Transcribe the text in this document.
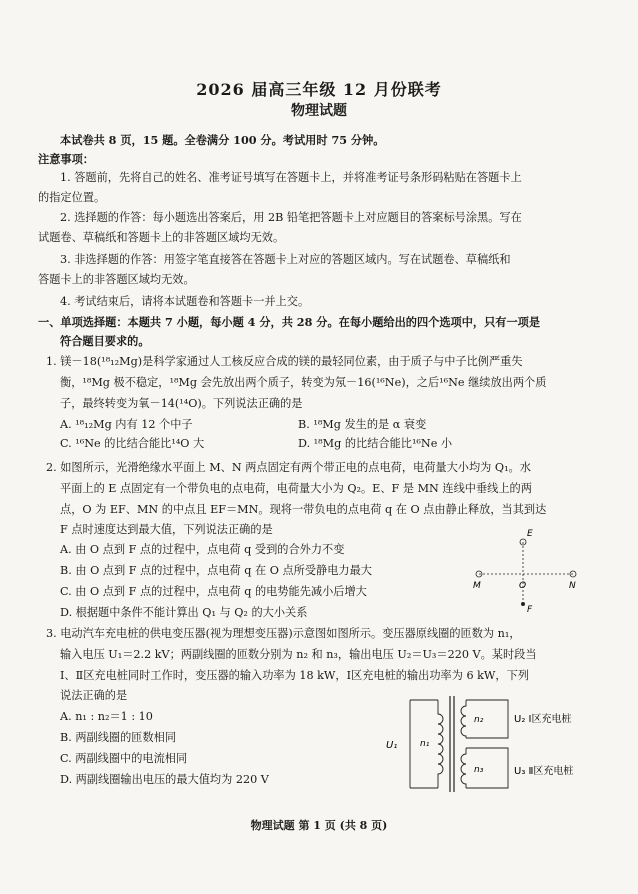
2026 届高三年级 12 月份联考
物理试题
本试卷共 8 页，15 题。全卷满分 100 分。考试用时 75 分钟。
注意事项：
1. 答题前，先将自己的姓名、准考证号填写在答题卡上，并将准考证号条形码粘贴在答题卡上
的指定位置。
2. 选择题的作答：每小题选出答案后，用 2B 铅笔把答题卡上对应题目的答案标号涂黑。写在
试题卷、草稿纸和答题卡上的非答题区域均无效。
3. 非选择题的作答：用签字笔直接答在答题卡上对应的答题区域内。写在试题卷、草稿纸和
答题卡上的非答题区域均无效。
4. 考试结束后，请将本试题卷和答题卡一并上交。
一、单项选择题：本题共 7 小题，每小题 4 分，共 28 分。在每小题给出的四个选项中，只有一项是
符合题目要求的。
1. 镁－18(¹⁸₁₂Mg)是科学家通过人工核反应合成的镁的最轻同位素，由于质子与中子比例严重失
衡，¹⁸Mg 极不稳定，¹⁸Mg 会先放出两个质子，转变为氖－16(¹⁶Ne)，之后¹⁶Ne 继续放出两个质
子，最终转变为氧－14(¹⁴O)。下列说法正确的是
A. ¹⁸₁₂Mg 内有 12 个中子	B. ¹⁸Mg 发生的是 α 衰变
C. ¹⁶Ne 的比结合能比¹⁴O 大	D. ¹⁸Mg 的比结合能比¹⁶Ne 小
2. 如图所示，光滑绝缘水平面上 M、N 两点固定有两个带正电的点电荷，电荷量大小均为 Q₁。水
平面上的 E 点固定有一个带负电的点电荷，电荷量大小为 Q₂。E、F 是 MN 连线中垂线上的两
点，O 为 EF、MN 的中点且 EF＝MN。现将一带负电的点电荷 q 在 O 点由静止释放，当其到达
F 点时速度达到最大值，下列说法正确的是
A. 由 O 点到 F 点的过程中，点电荷 q 受到的合外力不变
B. 由 O 点到 F 点的过程中，点电荷 q 在 O 点所受静电力最大
C. 由 O 点到 F 点的过程中，点电荷 q 的电势能先减小后增大
D. 根据题中条件不能计算出 Q₁ 与 Q₂ 的大小关系
E
F
M	N
O
3. 电动汽车充电桩的供电变压器(视为理想变压器)示意图如图所示。变压器原线圈的匝数为 n₁，
输入电压 U₁＝2.2 kV；两副线圈的匝数分别为 n₂ 和 n₃，输出电压 U₂＝U₃＝220 V。某时段当
Ⅰ、Ⅱ区充电桩同时工作时，变压器的输入功率为 18 kW，Ⅰ区充电桩的输出功率为 6 kW，下列
说法正确的是
A. n₁ : n₂＝1 : 10
B. 两副线圈的匝数相同
C. 两副线圈中的电流相同
D. 两副线圈输出电压的最大值均为 220 V
U₁	n₁
n₂
n₃
U₂ Ⅰ区充电桩
U₃ Ⅱ区充电桩
物理试题 第 1 页 (共 8 页)
